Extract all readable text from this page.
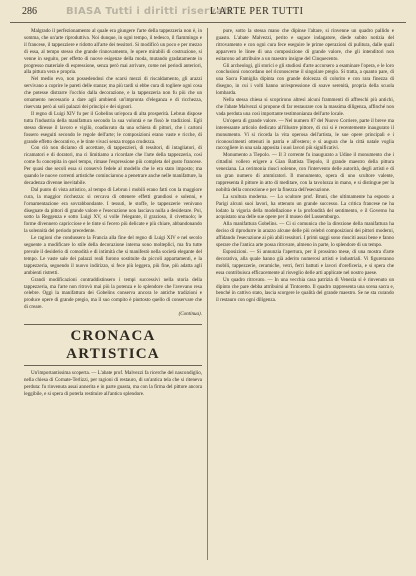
286	BIASA Tutti i diritti riservati
L'ARTE PER TUTTI

Malgrado il perfezionamento al quale era giungere l'arte della tappezzeria non è, in somma, che un'arte riproduttiva. Noi dunque, in ogni tempo, il tedesco, il fiammingo e il francese, il tappezziere e ridotto all'arte dei tessitori. Si modificò un poco e per mezzo di essa, al tempo stesso che grande rinnovamento, le opere mirabili di costruzione, si venne in seguito, per effetto di nuove esigenze della moda, mutando gradatamente in progresso materiale di espressione, senza però mai arrivare, come nei periodi anteriori, alla pittura vera e propria.

Nel medio evo, non possedendosi che scarsi mezzi di riscaldamento, gli arazzi servivano a coprire le pareti delle stanze; ma più tardi si ebbe cura di togliere ogni cosa che potesse distrarre l'occhio dalla decorazione, e la tappezzeria non fu più che un ornamento necessario a dare agli ambienti un'impronta d'eleganza e di ricchezza, riservata però ai soli palazzi dei principi e dei signori.

Il regno di Luigi XIV fu per il Gobelins un'epoca di alta prosperità. Lebrun dispose tutta l'industria della manifattura secondo la sua volontà e ne fissò le tradizioni. Egli stesso diresse il lavoro e vigilò, coadiuvato da una schiera di pittori, che i cartoni fossero eseguiti secondo le regole dell'arte; le composizioni erano vaste e ricche, di grande effetto decorativo, e le tinte vivaci senza troppa crudezza.

Con ciò non diciamo di accettare, di tappezzieri, di tessitori, di intagliatori, di ricamatori e di doratori, ma ci limitiamo a ricordare che l'arte della tappezzeria, così come fu concepita in quel tempo, rimase l'espressione più completa del gusto francese. Per quasi due secoli essa si conservò fedele al modello che le era stato imposto; ma quando le nuove correnti artistiche cominciarono a penetrare anche nelle manifatture, la decadenza divenne inevitabile.

Dal punto di vista artistico, al tempo di Lebrun i mobili erano fatti con la maggiore cura, la maggior ricchezza: si cercava di ottenere effetti grandiosi e solenni, e l'ornamentazione era sovrabbondante. I tessuti, le stoffe, le tappezzerie venivano disegnate da pittori di grande valore e l'esecuzione non lasciava nulla a desiderare. Poi, sotto la Reggenza e sotto Luigi XV, si volle l'elegante, il grazioso, il civettuolo; le forme divennero capricciose e le tinte si fecero più delicate e più chiare, abbandonando la solennità del periodo precedente.

Le ragioni che condussero la Francia alla fine del regno di Luigi XIV e nel secolo seguente a modificare lo stile della decorazione interna sono molteplici, ma fra tutte prevale il desiderio di comodità e di intimità che si manifestò nella società elegante del tempo. Le vaste sale dei palazzi reali furono sostituite da piccoli appartamenti, e la tappezzeria, seguendo il nuovo indirizzo, si fece più leggera, più fine, più adatta agli ambienti ristretti.

Grandi modificazioni contraddistinsero i tempi successivi nella storia della tappezzeria, ma l'arte non ritrovò mai più la potenza e lo splendore che l'avevano resa celebre. Oggi la manifattura dei Gobelins conserva ancora le antiche tradizioni e produce opere di grande pregio, ma il suo compito è piuttosto quello di conservare che di creare.

(Continua).

CRONACA ARTISTICA

Un'importantissima scoperta. — L'abate prof. Malvezzi fa ricerche del nascondiglio, nella chiesa di Cornate-Terlizzi, per ragioni di restauro, di un'antica tela che si riteneva perduta: fu rinvenuta assai annerita e in parte guasta, ma con la firma del pittore ancora leggibile, e si spera di poterla restituire all'antico splendore.

pure, sotto la stessa mano che dipinse l'altare, si rinvenne un quadro pallido e guasto. L'abate Malvezzi, perito e sagace indagatore, diede subito notizia del ritrovamento e con ogni cura fece eseguire le prime operazioni di pulitura, dalle quali apparvero le linee di una composizione di grande valore, che gli intenditori non esitarono ad attribuire a un maestro insigne del Cinquecento.

Gli archeologi, gli storici e gli studiosi d'arte accorsero a esaminare l'opera, e le loro conclusioni concordano nel riconoscerne il singolare pregio. Si tratta, a quanto pare, di una Sacra Famiglia dipinta con grande dolcezza di colorito e con rara finezza di disegno, in cui i volti hanno un'espressione di soave serenità, propria della scuola lombarda.

Nella stessa chiesa si scoprirono altresì alcuni frammenti di affreschi più antichi, che l'abate Malvezzi si propone di far restaurare con la massima diligenza, affinché non vada perduta una così importante testimonianza dell'arte locale.

Un'opera di grande valore. — Nel numero 87 del Nuovo Corriere, parte il breve ma interessante articolo dedicato all'illustre pittore, di cui si è recentemente inaugurato il monumento. Vi si ricorda la vita operosa dell'artista, le sue opere principali e i riconoscimenti ottenuti in patria e all'estero; e si augura che la città natale voglia raccogliere in una sala apposita i suoi lavori più significativi.

Monumento a Tiepolo. — Il 3 corrente fu inaugurato a Udine il monumento che i cittadini vollero erigere a Gian Battista Tiepolo, il grande maestro della pittura veneziana. La cerimonia riuscì solenne, con l'intervento delle autorità, degli artisti e di un gran numero di ammiratori. Il monumento, opera di uno scultore valente, rappresenta il pittore in atto di meditare, con la tavolozza in mano, e si distingue per la nobiltà della concezione e per la finezza dell'esecuzione.

La scultura moderna. — Lo scultore prof. Bruni, che ultimamente ha esposto a Parigi alcuni suoi lavori, ha ottenuto un grande successo. La critica francese ne ha lodato la vigoria della modellazione e la profondità del sentimento, e il Governo ha acquistato una delle sue opere per il museo del Lussemburgo.

Alla manifattura Gobelins. — Ci si comunica che la direzione della manifattura ha deciso di riprodurre in arazzo alcune delle più celebri composizioni dei pittori moderni, affidando l'esecuzione ai più abili tessitori. I primi saggi sono riusciti assai bene e fanno sperare che l'antica arte possa ritrovare, almeno in parte, lo splendore di un tempo.

Esposizioni. — Si annunzia l'apertura, per il prossimo mese, di una mostra d'arte decorativa, alla quale hanno già aderito numerosi artisti e industriali. Vi figureranno mobili, tappezzerie, ceramiche, vetri, ferri battuti e lavori d'oreficeria, e si spera che essa contribuisca efficacemente al risveglio delle arti applicate nel nostro paese.

Un quadro ritrovato. — In una vecchia casa patrizia di Venezia si è rinvenuto un dipinto che pare debba attribuirsi al Tintoretto. Il quadro rappresenta una scena sacra e, benché in cattivo stato, lascia scorgere le qualità del grande maestro. Se ne sta curando il restauro con ogni diligenza.
